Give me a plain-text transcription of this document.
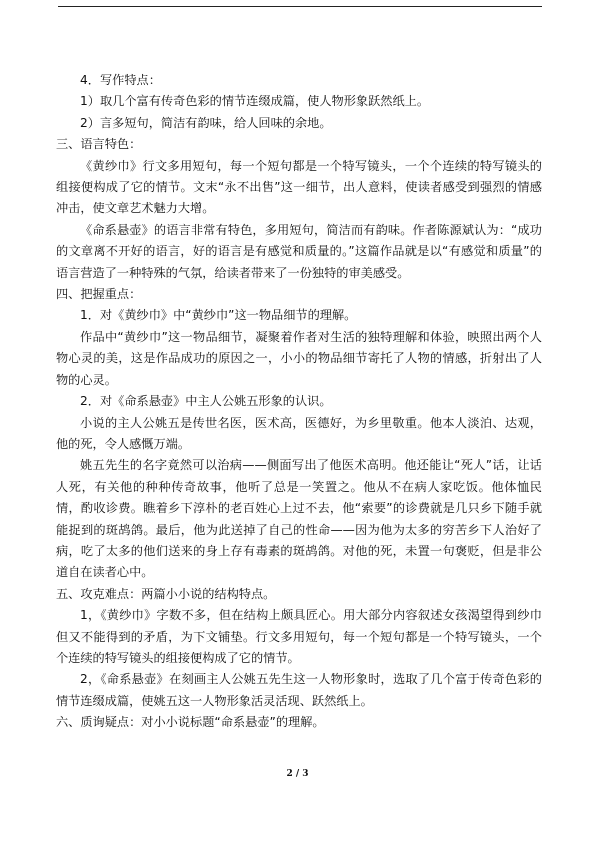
4．写作特点：

1）取几个富有传奇色彩的情节连缀成篇，使人物形象跃然纸上。

2）言多短句，简洁有韵味，给人回味的余地。

三、语言特色：

《黄纱巾》行文多用短句，每一个短句都是一个特写镜头，一个个连续的特写镜头的组接便构成了它的情节。文末“永不出售”这一细节，出人意料，使读者感受到强烈的情感冲击，使文章艺术魅力大增。

《命系悬壶》的语言非常有特色，多用短句，简洁而有韵味。作者陈源斌认为：“成功的文章离不开好的语言，好的语言是有感觉和质量的。”这篇作品就是以“有感觉和质量”的语言营造了一种特殊的气氛，给读者带来了一份独特的审美感受。

四、把握重点：

1．对《黄纱巾》中“黄纱巾”这一物品细节的理解。

作品中“黄纱巾”这一物品细节，凝聚着作者对生活的独特理解和体验，映照出两个人物心灵的美，这是作品成功的原因之一，小小的物品细节寄托了人物的情感，折射出了人物的心灵。

2．对《命系悬壶》中主人公姚五形象的认识。

小说的主人公姚五是传世名医，医术高，医德好，为乡里敬重。他本人淡泊、达观，他的死，令人感慨万端。

姚五先生的名字竟然可以治病——侧面写出了他医术高明。他还能让“死人”话，让话人死，有关他的种种传奇故事，他听了总是一笑置之。他从不在病人家吃饭。他体恤民情，酌收诊费。瞧着乡下淳朴的老百姓心上过不去，他“索要”的诊费就是几只乡下随手就能捉到的斑鸪鸽。最后，他为此送掉了自己的性命——因为他为太多的穷苦乡下人治好了病，吃了太多的他们送来的身上存有毒素的斑鸪鸽。对他的死，未置一句褒贬，但是非公道自在读者心中。

五、攻克难点：两篇小小说的结构特点。

1，《黄纱巾》字数不多，但在结构上颇具匠心。用大部分内容叙述女孩渴望得到纱巾但又不能得到的矛盾，为下文铺垫。行文多用短句，每一个短句都是一个特写镜头，一个个连续的特写镜头的组接便构成了它的情节。

2，《命系悬壶》在刻画主人公姚五先生这一人物形象时，选取了几个富于传奇色彩的情节连缀成篇，使姚五这一人物形象活灵活现、跃然纸上。

六、质询疑点：对小小说标题“命系悬壶”的理解。

2 / 3
